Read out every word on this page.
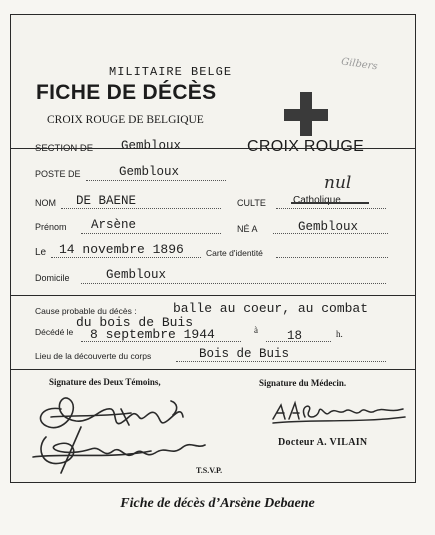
MILITAIRE BELGE
FICHE DE DÉCÈS
CROIX ROUGE DE BELGIQUE
Gilbers
SECTION DE Gembloux	CROIX ROUGE
POSTE DE	Gembloux
NOM DE BAENE	CULTE	Catholique
nul
Prénom Arsène	NÉ A	Gembloux
Le 14 novembre 1896	Carte d'identité
Domicile	Gembloux
Cause probable du décès :	balle au coeur, au combat
du bois de Buis
Décédé le 8 septembre 1944	à 18	h.
Lieu de la découverte du corps	Bois de Buis
Signature des Deux Témoins,	Signature du Médecin.
Docteur A. VILAIN
T.S.V.P.
Fiche de décès d’Arsène Debaene
